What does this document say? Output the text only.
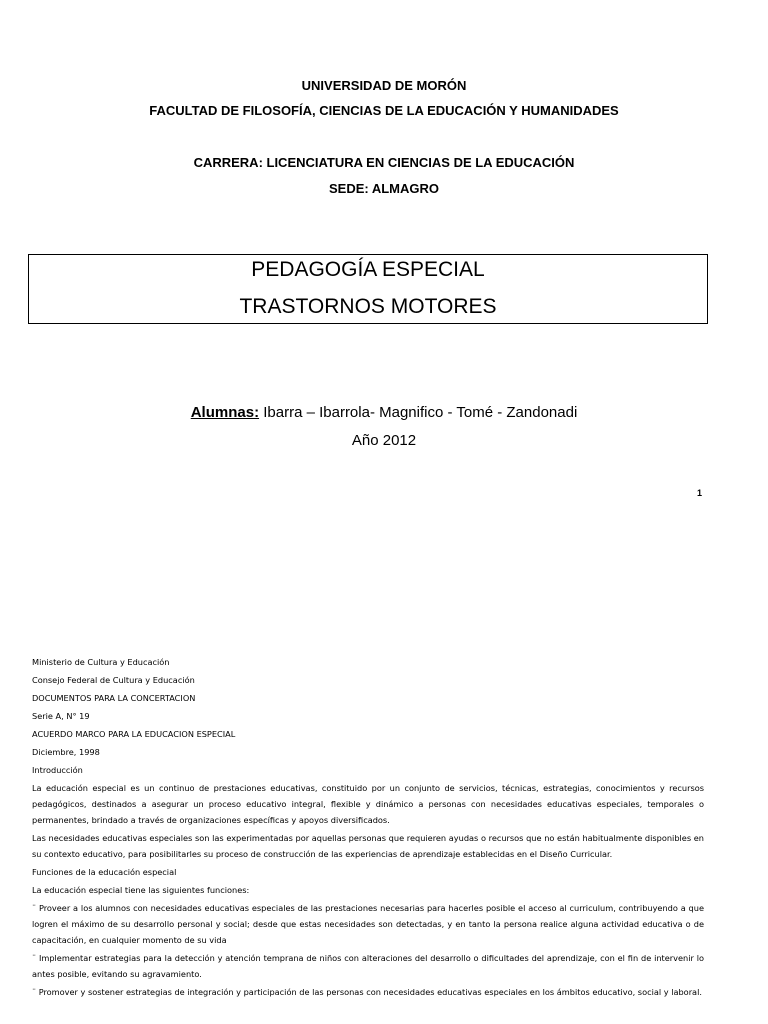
UNIVERSIDAD DE MORÓN
FACULTAD DE FILOSOFÍA, CIENCIAS DE LA EDUCACIÓN Y HUMANIDADES
CARRERA: LICENCIATURA EN CIENCIAS DE LA EDUCACIÓN
SEDE: ALMAGRO
PEDAGOGÍA ESPECIAL
TRASTORNOS MOTORES
Alumnas: Ibarra – Ibarrola- Magnifico - Tomé - Zandonadi
Año 2012
1

Ministerio de Cultura y Educación

Consejo Federal de Cultura y Educación

DOCUMENTOS PARA LA CONCERTACION

Serie A, N° 19

ACUERDO MARCO PARA LA EDUCACION ESPECIAL

Diciembre, 1998

Introducción

La educación especial es un continuo de prestaciones educativas, constituido por un conjunto de servicios, técnicas, estrategias, conocimientos y recursos pedagógicos, destinados a asegurar un proceso educativo integral, flexible y dinámico a personas con necesidades educativas especiales, temporales o permanentes, brindado a través de organizaciones específicas y apoyos diversificados.

Las necesidades educativas especiales son las experimentadas por aquellas personas que requieren ayudas o recursos que no están habitualmente disponibles en su contexto educativo, para posibilitarles su proceso de construcción de las experiencias de aprendizaje establecidas en el Diseño Curricular.

Funciones de la educación especial

La educación especial tiene las siguientes funciones:

¨ Proveer a los alumnos con necesidades educativas especiales de las prestaciones necesarias para hacerles posible el acceso al curriculum, contribuyendo a que logren el máximo de su desarrollo personal y social; desde que estas necesidades son detectadas, y en tanto la persona realice alguna actividad educativa o de capacitación, en cualquier momento de su vida

¨ Implementar estrategias para la detección y atención temprana de niños con alteraciones del desarrollo o dificultades del aprendizaje, con el fin de intervenir lo antes posible, evitando su agravamiento.

¨ Promover y sostener estrategias de integración y participación de las personas con necesidades educativas especiales en los ámbitos educativo, social y laboral.
